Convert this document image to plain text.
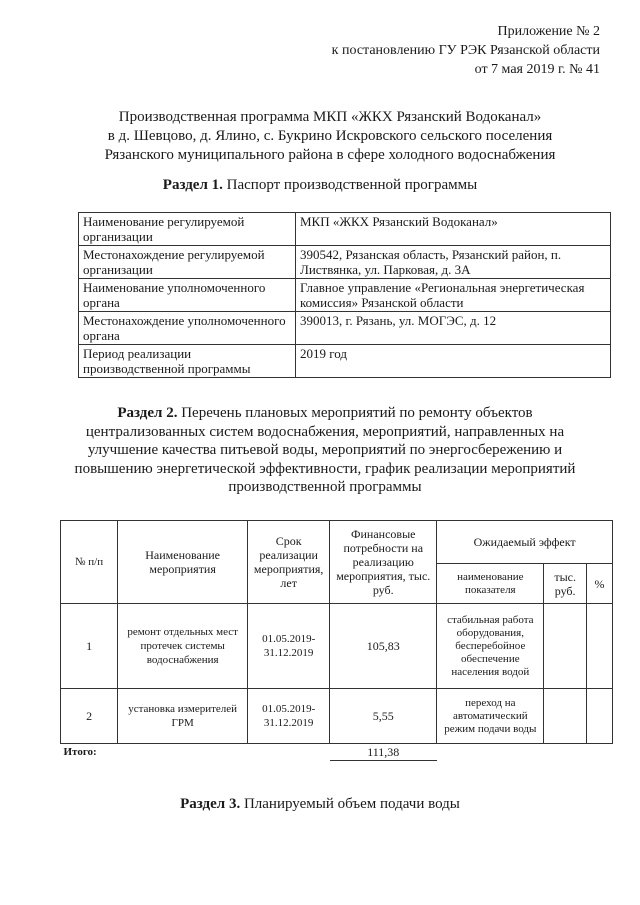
Приложение № 2
к постановлению ГУ РЭК Рязанской области
от 7 мая 2019 г. № 41
Производственная программа МКП «ЖКХ Рязанский Водоканал»
в д. Шевцово, д. Ялино, с. Букрино Искровского сельского поселения
Рязанского муниципального района в сфере холодного водоснабжения
Раздел 1. Паспорт производственной программы
Наименование регулируемой организации	МКП «ЖКХ Рязанский Водоканал»
Местонахождение регулируемой организации	390542, Рязанская область, Рязанский район, п. Листвянка, ул. Парковая, д. 3А
Наименование уполномоченного органа	Главное управление «Региональная энергетическая комиссия» Рязанской области
Местонахождение уполномоченного органа	390013, г. Рязань, ул. МОГЭС, д. 12
Период реализации производственной программы	2019 год
Раздел 2. Перечень плановых мероприятий по ремонту объектов централизованных систем водоснабжения, мероприятий, направленных на улучшение качества питьевой воды, мероприятий по энергосбережению и повышению энергетической эффективности, график реализации мероприятий производственной программы
№ п/п	Наименование мероприятия	Срок реализации мероприятия, лет	Финансовые потребности на реализацию мероприятия, тыс. руб.	Ожидаемый эффект		
				наименование показателя	тыс. руб.	%
1	ремонт отдельных мест протечек системы водоснабжения	01.05.2019-31.12.2019	105,83	стабильная работа оборудования, бесперебойное обеспечение населения водой		
2	установка измерителей ГРМ	01.05.2019-31.12.2019	5,55	переход на автоматический режим подачи воды		
Итого:			111,38			
Раздел 3. Планируемый объем подачи воды
